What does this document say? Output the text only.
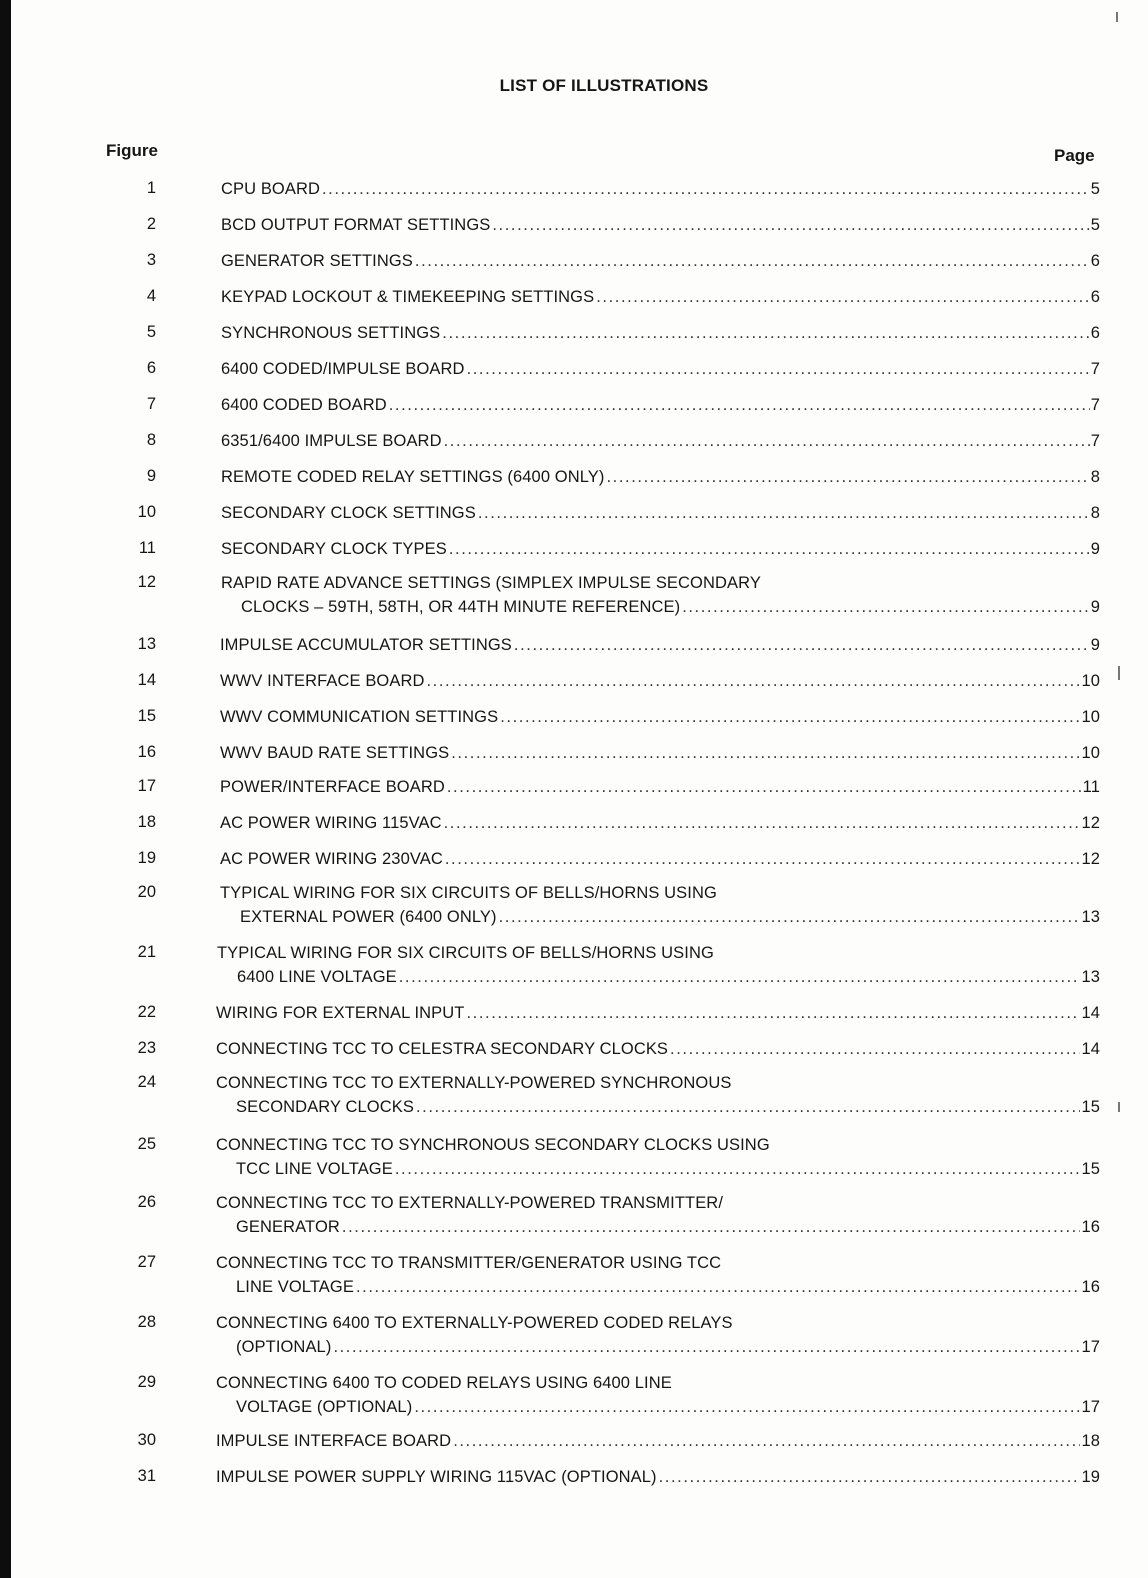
LIST OF ILLUSTRATIONS
Figure	Page
1	CPU BOARD .....	5
2	BCD OUTPUT FORMAT SETTINGS .....	5
3	GENERATOR SETTINGS .....	6
4	KEYPAD LOCKOUT & TIMEKEEPING SETTINGS .....	6
5	SYNCHRONOUS SETTINGS .....	6
6	6400 CODED/IMPULSE BOARD .....	7
7	6400 CODED BOARD .....	7
8	6351/6400 IMPULSE BOARD .....	7
9	REMOTE CODED RELAY SETTINGS (6400 ONLY) .....	8
10	SECONDARY CLOCK SETTINGS .....	8
11	SECONDARY CLOCK TYPES .....	9
12	RAPID RATE ADVANCE SETTINGS (SIMPLEX IMPULSE SECONDARY
CLOCKS – 59TH, 58TH, OR 44TH MINUTE REFERENCE) .....	9
13	IMPULSE ACCUMULATOR SETTINGS .....	9
14	WWV INTERFACE BOARD .....	10
15	WWV COMMUNICATION SETTINGS .....	10
16	WWV BAUD RATE SETTINGS .....	10
17	POWER/INTERFACE BOARD .....	11
18	AC POWER WIRING 115VAC .....	12
19	AC POWER WIRING 230VAC .....	12
20	TYPICAL WIRING FOR SIX CIRCUITS OF BELLS/HORNS USING
EXTERNAL POWER (6400 ONLY) .....	13
21	TYPICAL WIRING FOR SIX CIRCUITS OF BELLS/HORNS USING
6400 LINE VOLTAGE .....	13
22	WIRING FOR EXTERNAL INPUT .....	14
23	CONNECTING TCC TO CELESTRA SECONDARY CLOCKS .....	14
24	CONNECTING TCC TO EXTERNALLY-POWERED SYNCHRONOUS
SECONDARY CLOCKS .....	15
25	CONNECTING TCC TO SYNCHRONOUS SECONDARY CLOCKS USING
TCC LINE VOLTAGE .....	15
26	CONNECTING TCC TO EXTERNALLY-POWERED TRANSMITTER/
GENERATOR .....	16
27	CONNECTING TCC TO TRANSMITTER/GENERATOR USING TCC
LINE VOLTAGE .....	16
28	CONNECTING 6400 TO EXTERNALLY-POWERED CODED RELAYS
(OPTIONAL) .....	17
29	CONNECTING 6400 TO CODED RELAYS USING 6400 LINE
VOLTAGE (OPTIONAL) .....	17
30	IMPULSE INTERFACE BOARD .....	18
31	IMPULSE POWER SUPPLY WIRING 115VAC (OPTIONAL) .....	19
